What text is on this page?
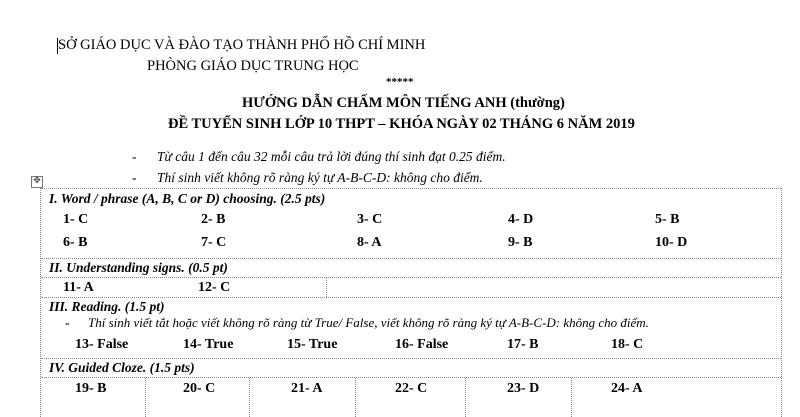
SỞ GIÁO DỤC VÀ ĐÀO TẠO THÀNH PHỐ HỒ CHÍ MINH
PHÒNG GIÁO DỤC TRUNG HỌC
*****
HƯỚNG DẪN CHẤM MÔN TIẾNG ANH (thường)
ĐỀ TUYỂN SINH LỚP 10 THPT – KHÓA NGÀY 02 THÁNG 6 NĂM 2019
- Từ câu 1 đến câu 32 mỗi câu trả lời đúng thí sinh đạt 0.25 điểm.
- Thí sinh viết không rõ ràng ký tự A-B-C-D: không cho điểm.
✥
I. Word / phrase (A, B, C or D) choosing. (2.5 pts)
1- C	2- B	3- C	4- D	5- B
6- B	7- C	8- A	9- B	10- D
II. Understanding signs. (0.5 pt)
11- A	12- C
III. Reading. (1.5 pt)
- Thí sinh viết tắt hoặc viết không rõ ràng từ True/ False, viết không rõ ràng ký tự A-B-C-D: không cho điểm.
13- False	14- True	15- True	16- False	17- B	18- C
IV. Guided Cloze. (1.5 pts)
19- B	20- C	21- A	22- C	23- D	24- A
